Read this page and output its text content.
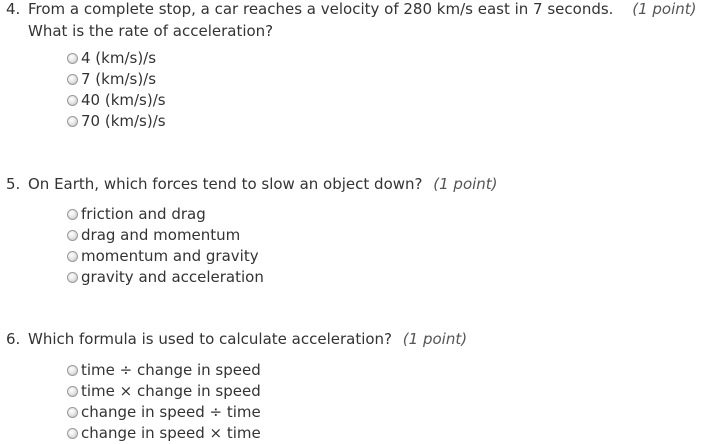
4. From a complete stop, a car reaches a velocity of 280 km/s east in 7 seconds. (1 point)
What is the rate of acceleration?
4 (km/s)/s
7 (km/s)/s
40 (km/s)/s
70 (km/s)/s
5. On Earth, which forces tend to slow an object down? (1 point)
friction and drag
drag and momentum
momentum and gravity
gravity and acceleration
6. Which formula is used to calculate acceleration? (1 point)
time ÷ change in speed
time × change in speed
change in speed ÷ time
change in speed × time
